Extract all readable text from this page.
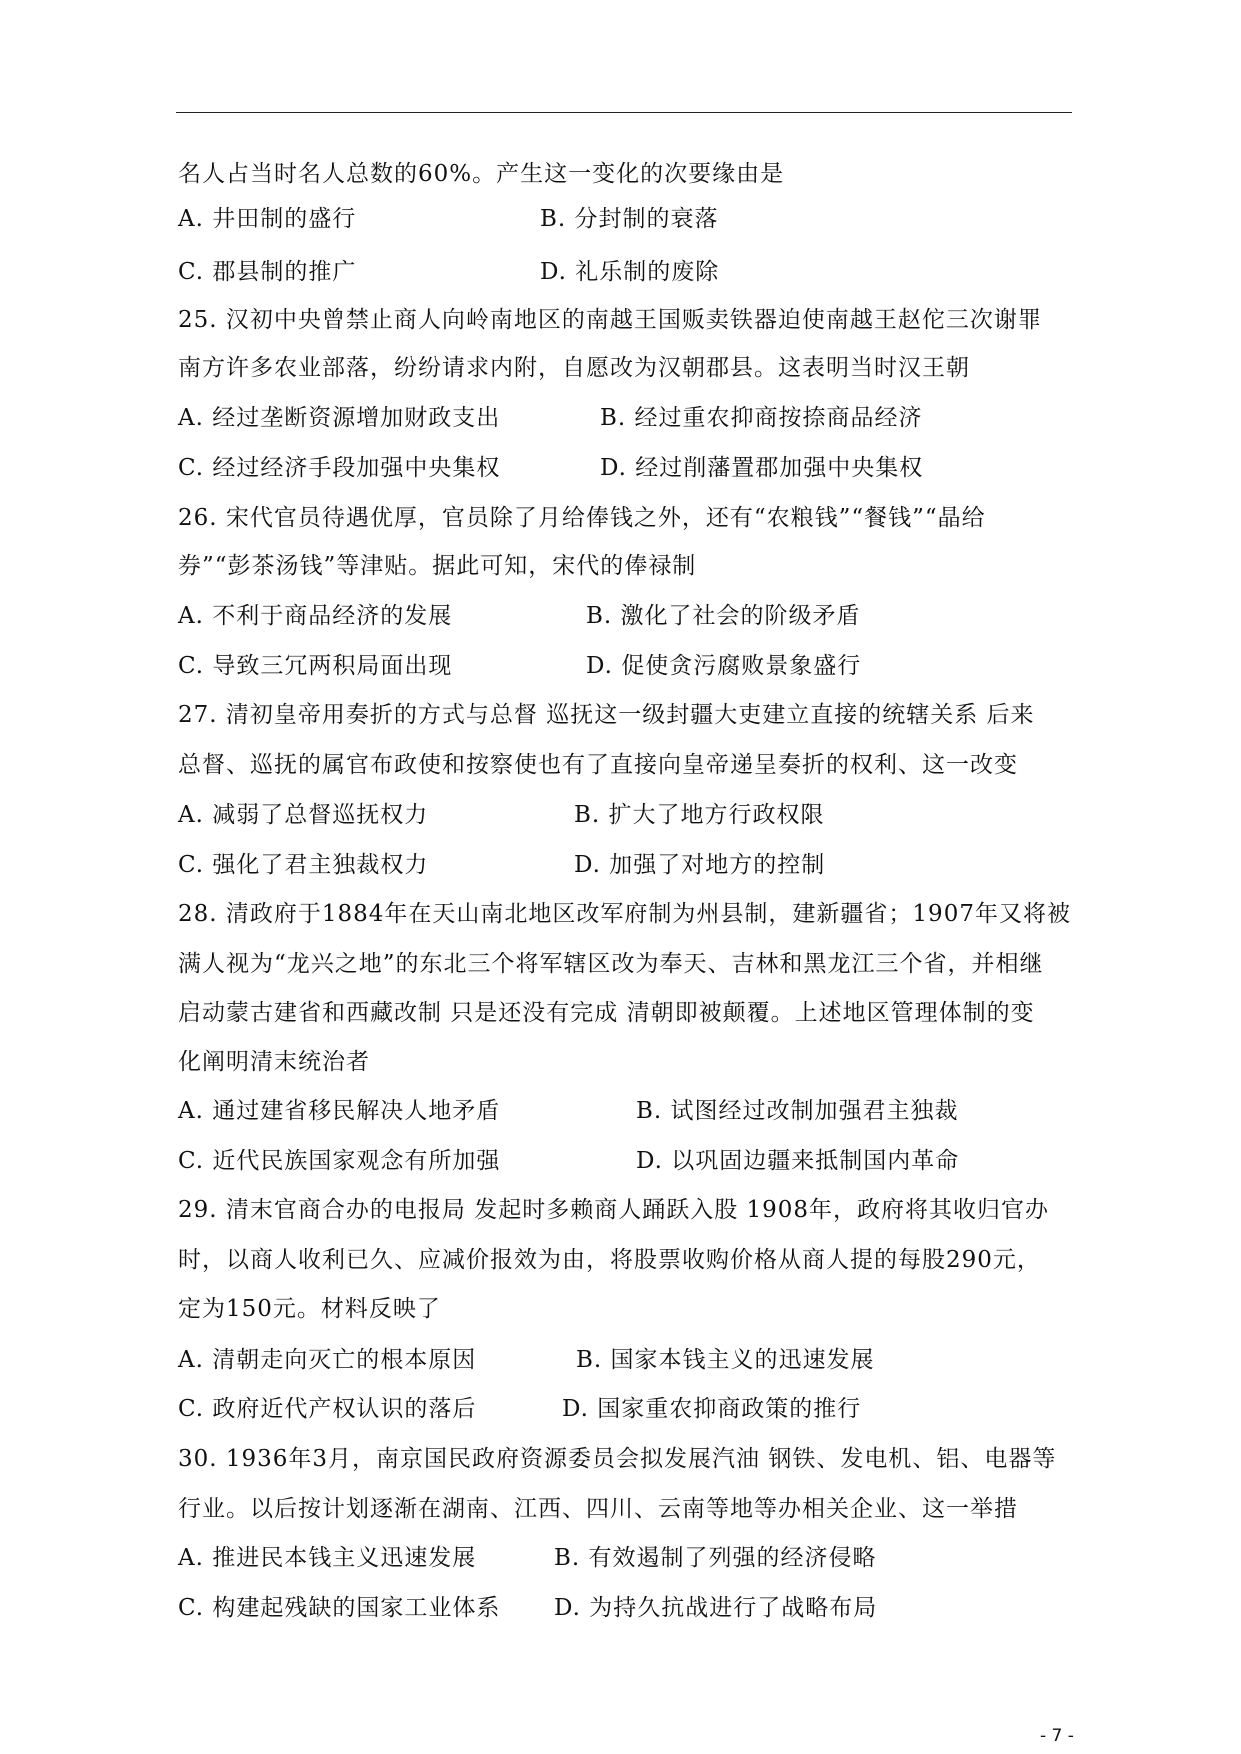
名人占当时名人总数的60%。产生这一变化的次要缘由是
A. 井田制的盛行	B. 分封制的衰落
C. 郡县制的推广	D. 礼乐制的废除
25. 汉初中央曾禁止商人向岭南地区的南越王国贩卖铁器迫使南越王赵佗三次谢罪
南方许多农业部落，纷纷请求内附，自愿改为汉朝郡县。这表明当时汉王朝
A. 经过垄断资源增加财政支出	B. 经过重农抑商按捺商品经济
C. 经过经济手段加强中央集权	D. 经过削藩置郡加强中央集权
26. 宋代官员待遇优厚，官员除了月给俸钱之外，还有“农粮钱”“餐钱”“晶给
券”“彭茶汤钱”等津贴。据此可知，宋代的俸禄制
A. 不利于商品经济的发展	B. 激化了社会的阶级矛盾
C. 导致三冗两积局面出现	D. 促使贪污腐败景象盛行
27. 清初皇帝用奏折的方式与总督 巡抚这一级封疆大吏建立直接的统辖关系 后来
总督、巡抚的属官布政使和按察使也有了直接向皇帝递呈奏折的权利、这一改变
A. 减弱了总督巡抚权力	B. 扩大了地方行政权限
C. 强化了君主独裁权力	D. 加强了对地方的控制
28. 清政府于1884年在天山南北地区改军府制为州县制，建新疆省；1907年又将被
满人视为“龙兴之地”的东北三个将军辖区改为奉天、吉林和黑龙江三个省，并相继
启动蒙古建省和西藏改制 只是还没有完成 清朝即被颠覆。上述地区管理体制的变
化阐明清末统治者
A. 通过建省移民解决人地矛盾	B. 试图经过改制加强君主独裁
C. 近代民族国家观念有所加强	D. 以巩固边疆来抵制国内革命
29. 清末官商合办的电报局 发起时多赖商人踊跃入股 1908年，政府将其收归官办
时，以商人收利已久、应减价报效为由，将股票收购价格从商人提的每股290元，
定为150元。材料反映了
A. 清朝走向灭亡的根本原因	B. 国家本钱主义的迅速发展
C. 政府近代产权认识的落后	D. 国家重农抑商政策的推行
30. 1936年3月，南京国民政府资源委员会拟发展汽油 钢铁、发电机、铝、电器等
行业。以后按计划逐渐在湖南、江西、四川、云南等地等办相关企业、这一举措
A. 推进民本钱主义迅速发展	B. 有效遏制了列强的经济侵略
C. 构建起残缺的国家工业体系 D. 为持久抗战进行了战略布局
- 7 -
